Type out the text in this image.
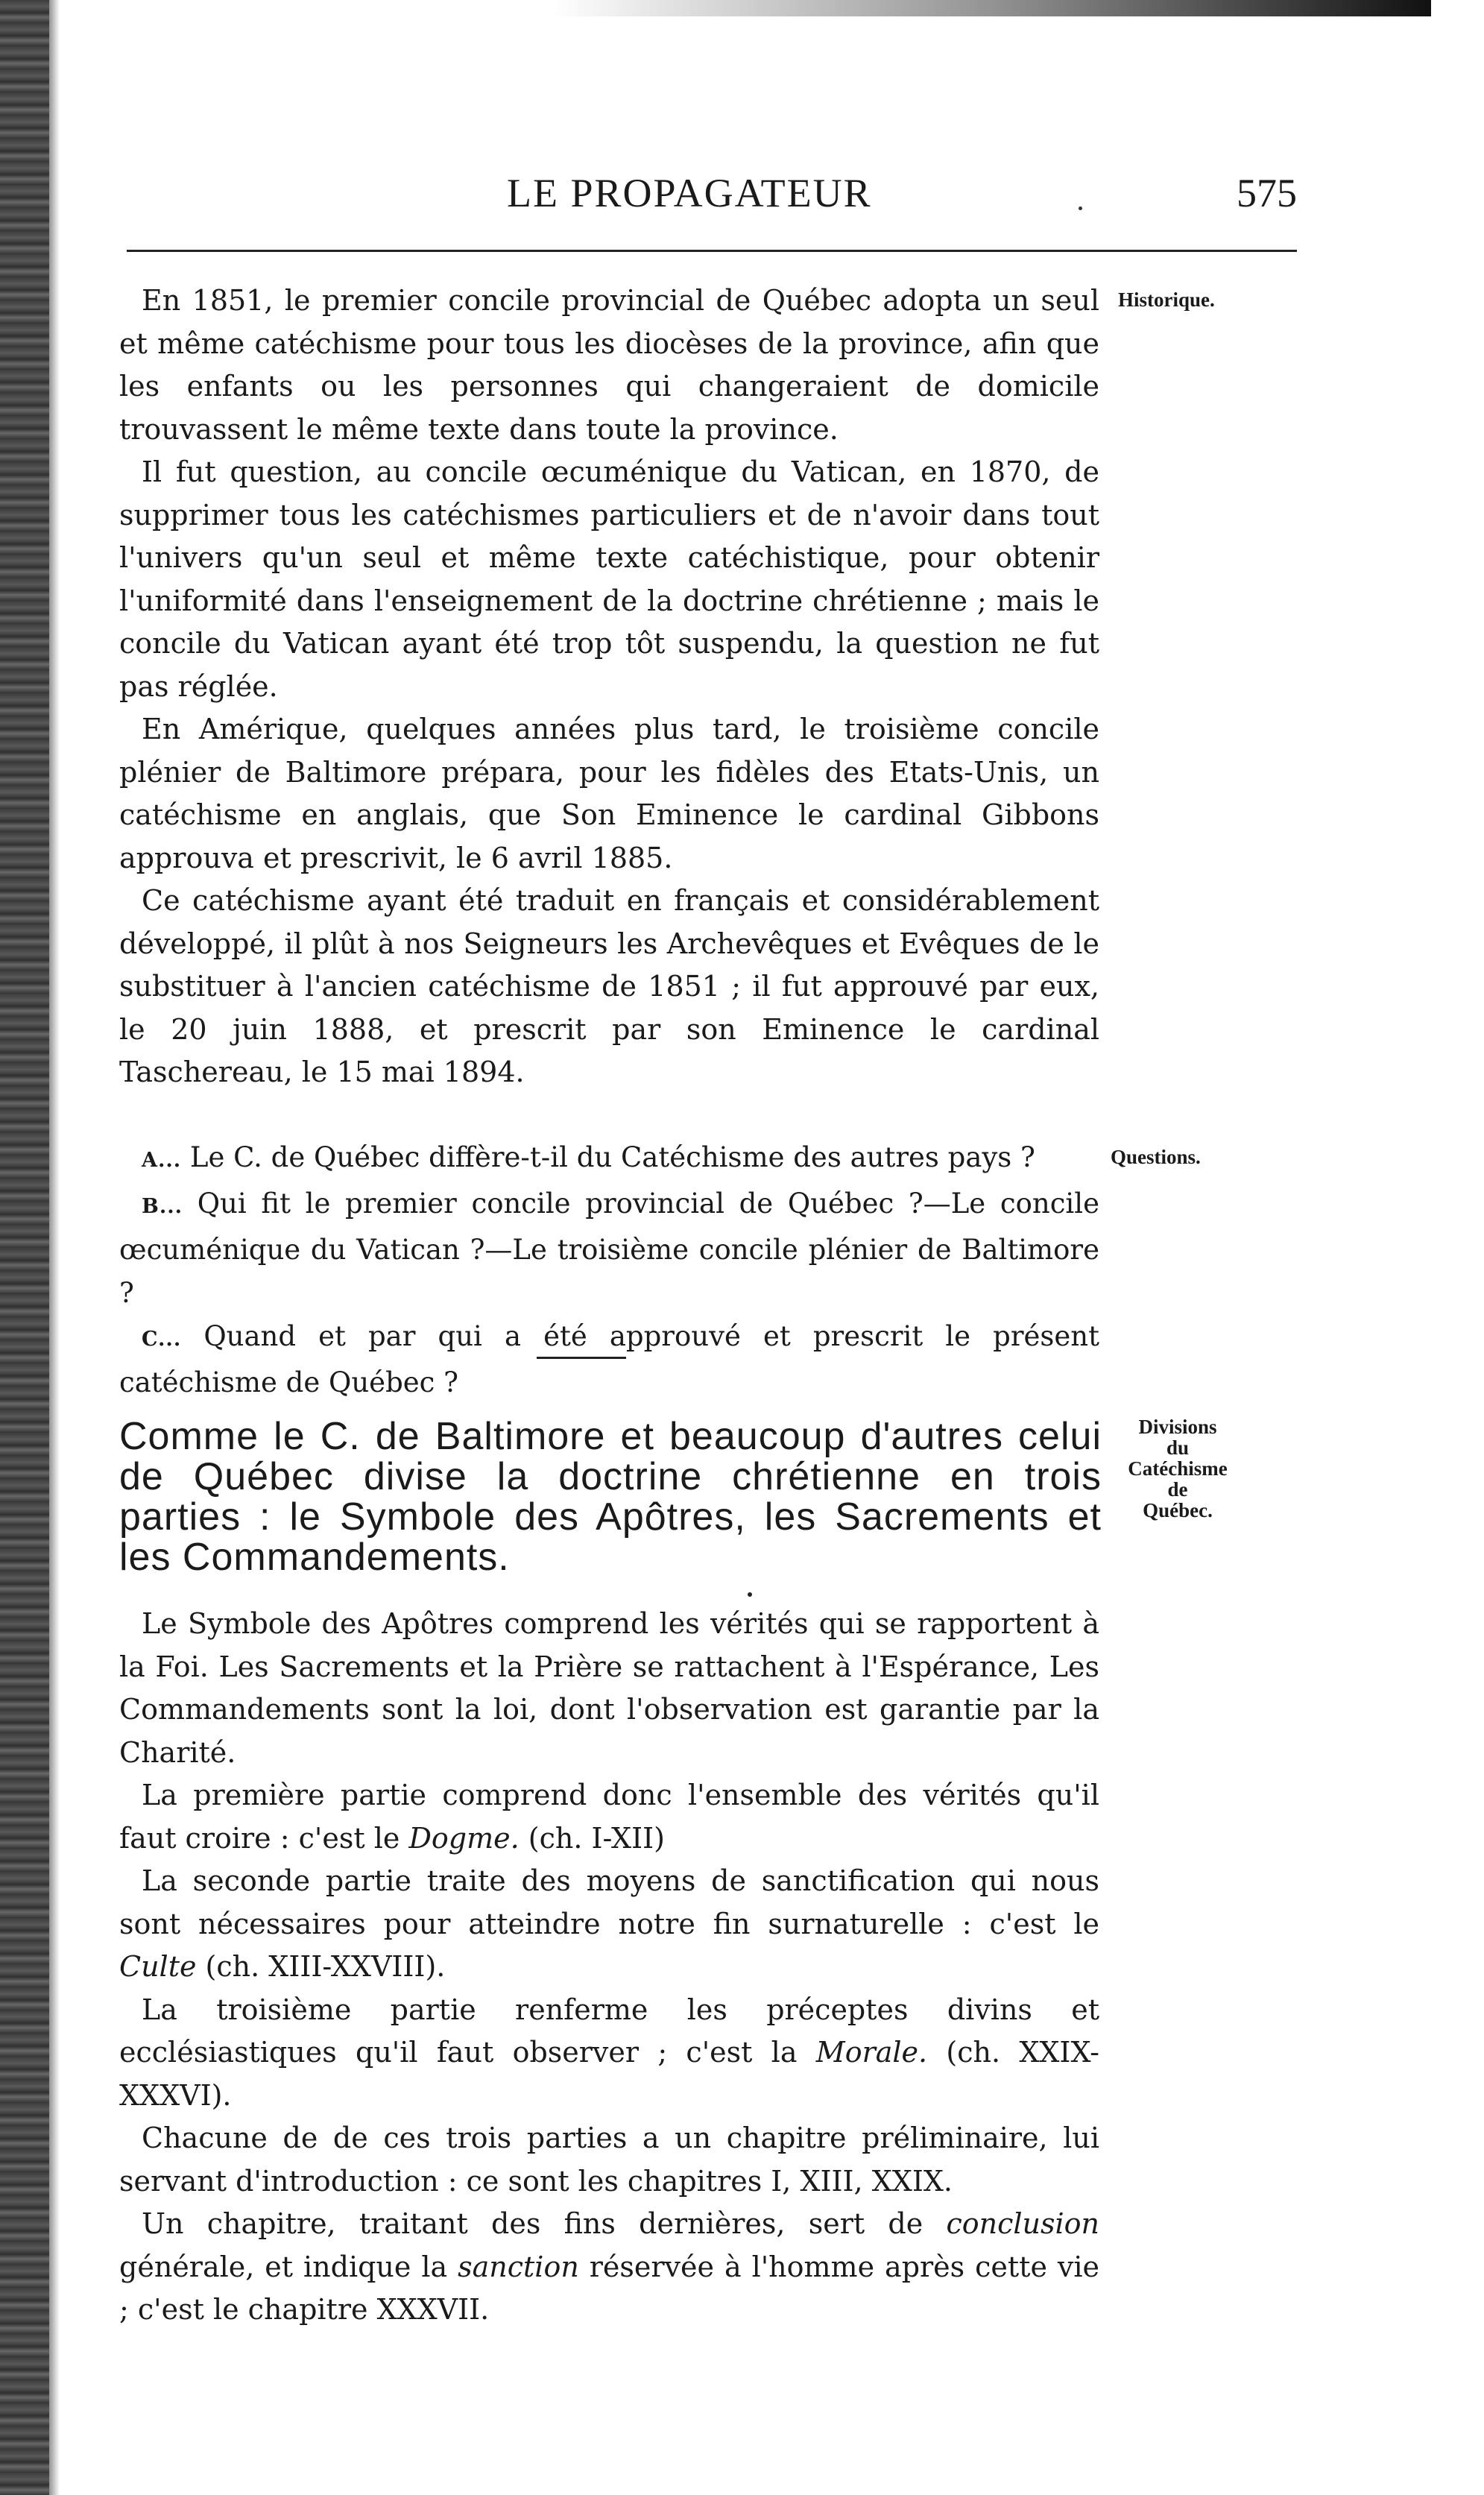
LE PROPAGATEUR	575

En 1851, le premier concile provincial de Québec adopta un seul et même catéchisme pour tous les diocèses de la province, afin que les enfants ou les personnes qui changeraient de domicile trouvassent le même texte dans toute la province.

Il fut question, au concile œcuménique du Vatican, en 1870, de supprimer tous les catéchismes particuliers et de n'avoir dans tout l'univers qu'un seul et même texte catéchistique, pour obtenir l'uniformité dans l'enseignement de la doctrine chrétienne ; mais le concile du Vatican ayant été trop tôt suspendu, la question ne fut pas réglée.

En Amérique, quelques années plus tard, le troisième concile plénier de Baltimore prépara, pour les fidèles des Etats-Unis, un catéchisme en anglais, que Son Eminence le cardinal Gibbons approuva et prescrivit, le 6 avril 1885.

Ce catéchisme ayant été traduit en français et considérablement développé, il plût à nos Seigneurs les Archevêques et Evêques de le substituer à l'ancien catéchisme de 1851 ; il fut approuvé par eux, le 20 juin 1888, et prescrit par son Eminence le cardinal Taschereau, le 15 mai 1894.

Historique.

A... Le C. de Québec diffère-t-il du Catéchisme des autres pays ?

B... Qui fit le premier concile provincial de Québec ?—Le concile œcuménique du Vatican ?—Le troisième concile plénier de Baltimore ?

C... Quand et par qui a été approuvé et prescrit le présent catéchisme de Québec ?

Questions.
Comme le C. de Baltimore et beaucoup d'autres celui de Québec divise la doctrine chrétienne en trois parties : le Symbole des Apôtres, les Sacrements et les Commandements.
Divisions
du
Catéchisme
de
Québec.

Le Symbole des Apôtres comprend les vérités qui se rapportent à la Foi. Les Sacrements et la Prière se rattachent à l'Espérance, Les Commandements sont la loi, dont l'observation est garantie par la Charité.

La première partie comprend donc l'ensemble des vérités qu'il faut croire : c'est le Dogme. (ch. I-XII)

La seconde partie traite des moyens de sanctification qui nous sont nécessaires pour atteindre notre fin surnaturelle : c'est le Culte (ch. XIII-XXVIII).

La troisième partie renferme les préceptes divins et ecclésiastiques qu'il faut observer ; c'est la Morale. (ch. XXIX-XXXVI).

Chacune de de ces trois parties a un chapitre préliminaire, lui servant d'introduction : ce sont les chapitres I, XIII, XXIX.

Un chapitre, traitant des fins dernières, sert de conclusion générale, et indique la sanction réservée à l'homme après cette vie ; c'est le chapitre XXXVII.
